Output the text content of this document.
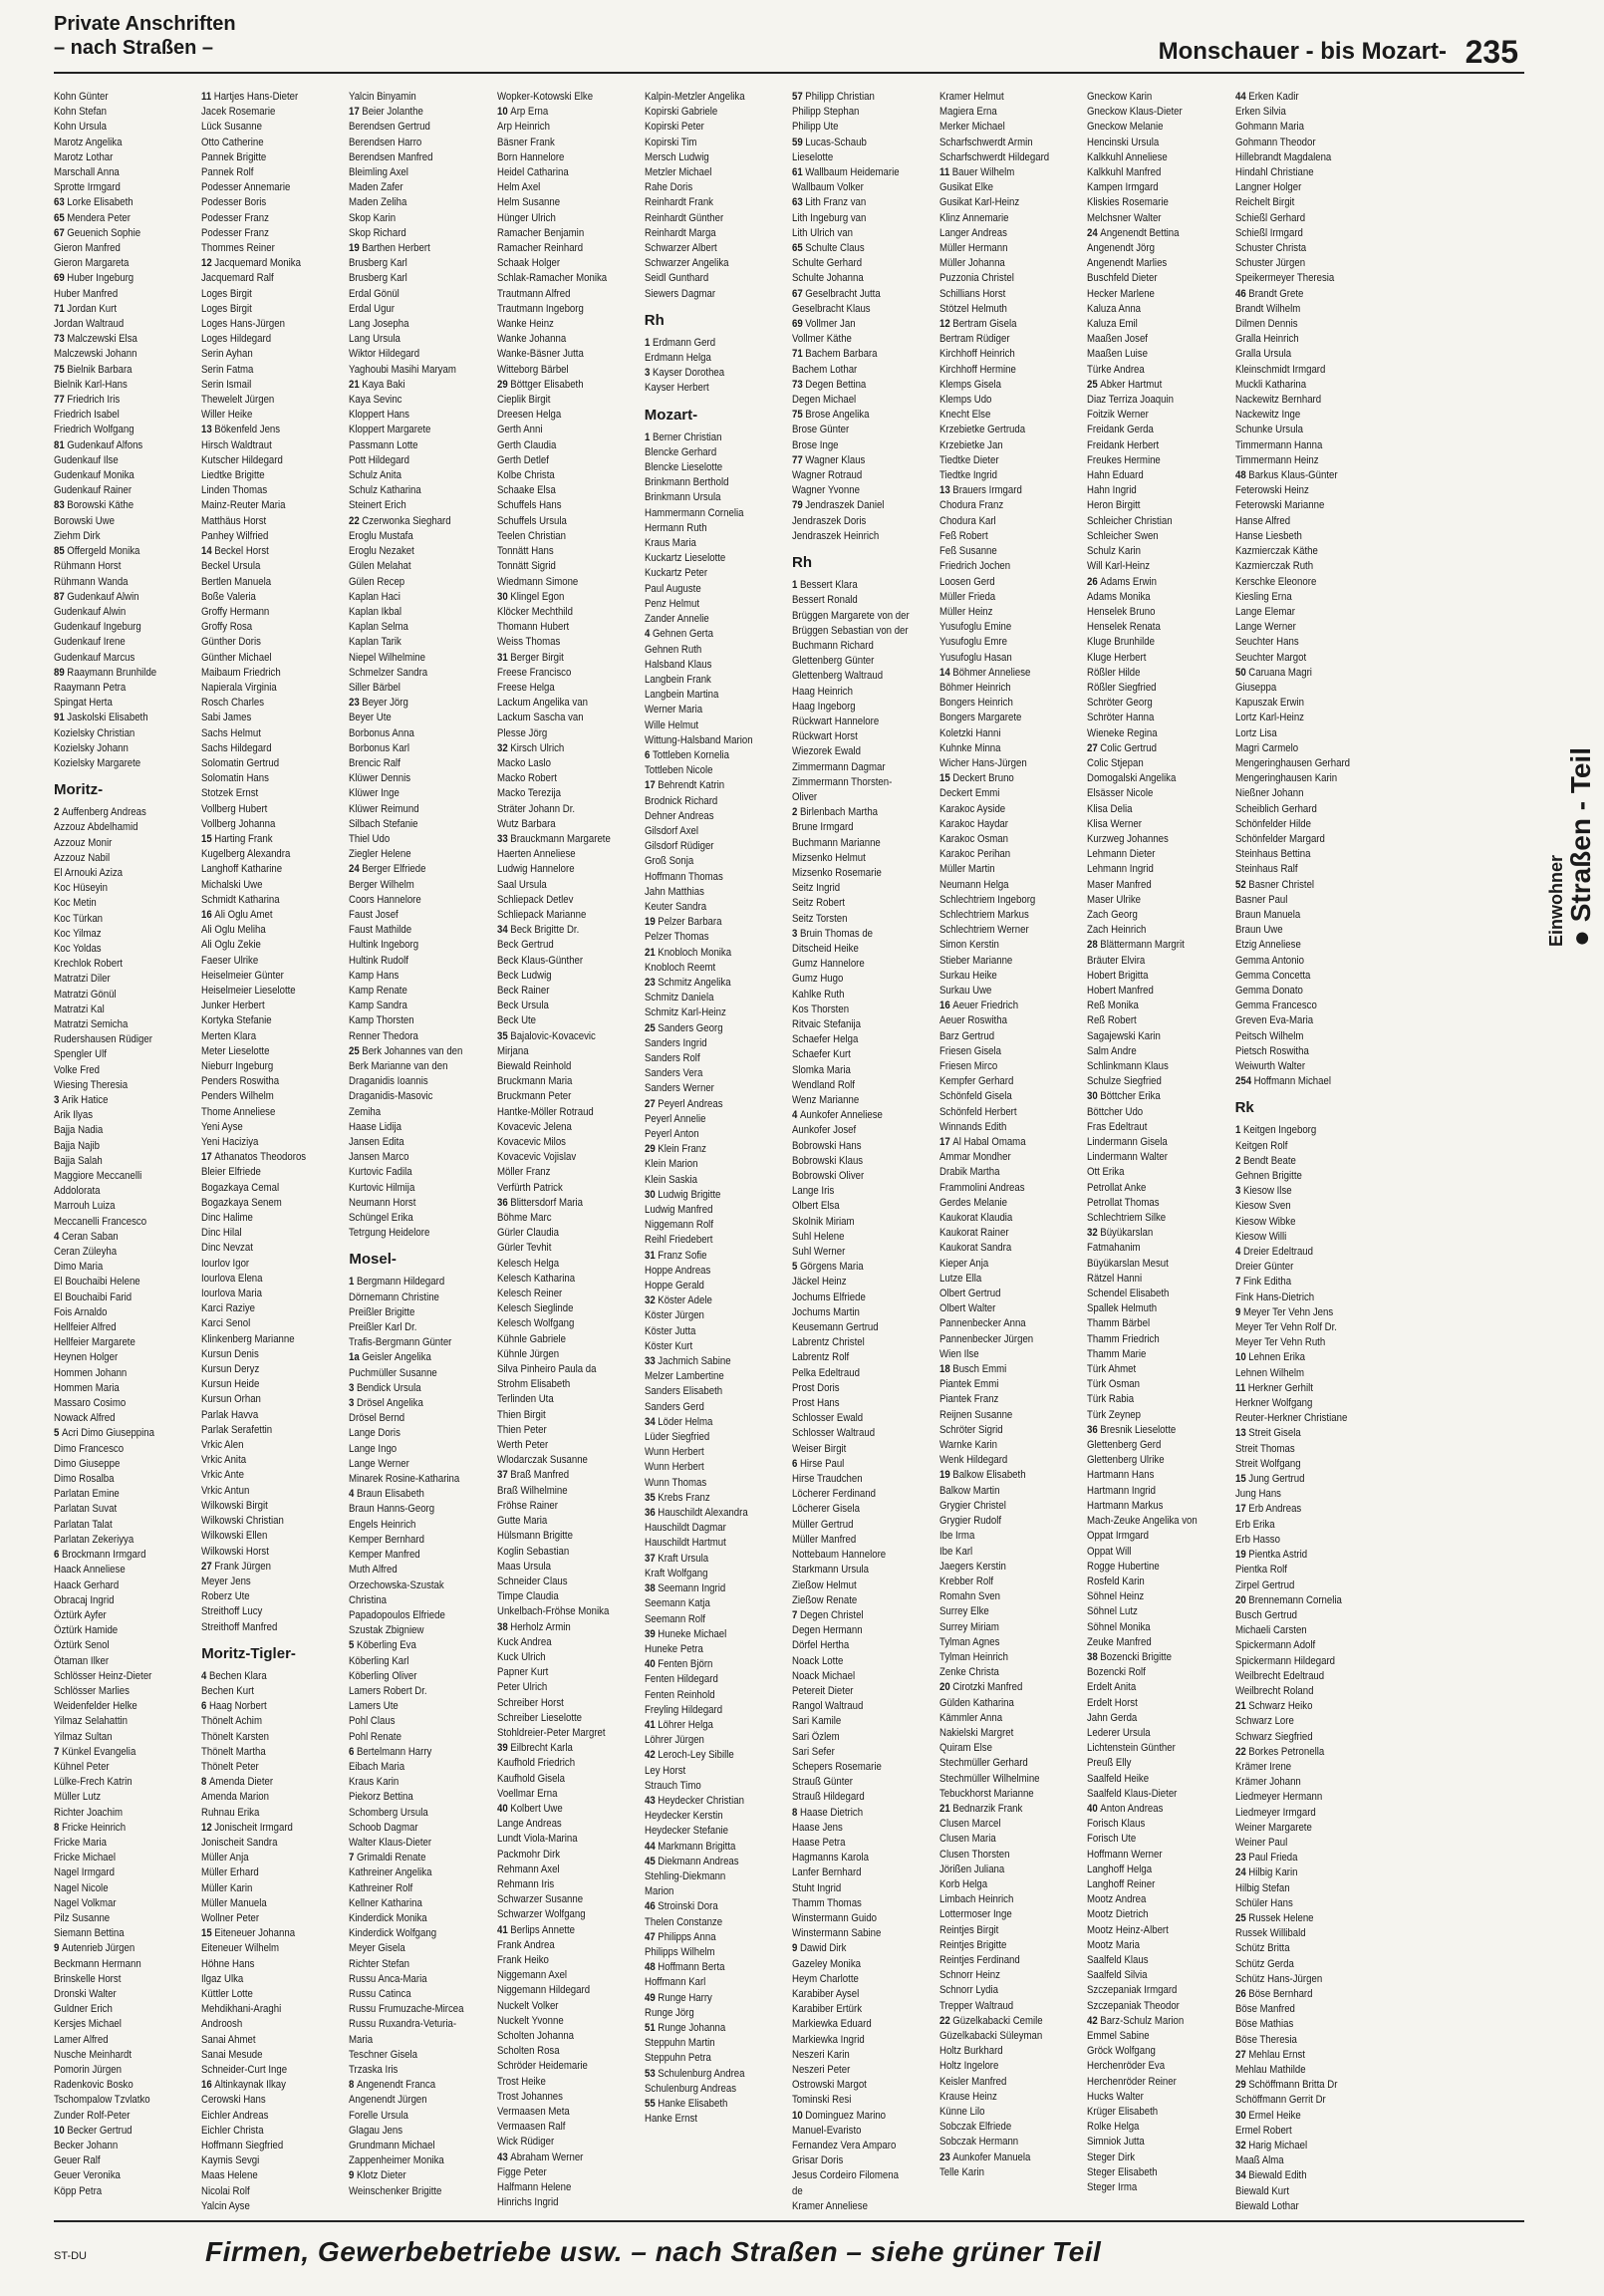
Private Anschriften
– nach Straßen –	Monschauer - bis Mozart- 235
Kohn Günter
Kohn Stefan
Kohn Ursula
Marotz Angelika
Marotz Lothar
Marschall Anna
Sprotte Irmgard
63 Lorke Elisabeth
65 Mendera Peter
67 Geuenich Sophie
Gieron Manfred
Gieron Margareta
69 Huber Ingeburg
Huber Manfred
71 Jordan Kurt
Jordan Waltraud
73 Malczewski Elsa
Malczewski Johann
75 Bielnik Barbara
Bielnik Karl-Hans
77 Friedrich Iris
Friedrich Isabel
Friedrich Wolfgang
81 Gudenkauf Alfons
Gudenkauf Ilse
Gudenkauf Monika
Gudenkauf Rainer
83 Borowski Käthe
Borowski Uwe
Ziehm Dirk
85 Offergeld Monika
Rühmann Horst
Rühmann Wanda
87 Gudenkauf Alwin
Gudenkauf Alwin
Gudenkauf Ingeburg
Gudenkauf Irene
Gudenkauf Marcus
89 Raaymann Brunhilde
Raaymann Petra
Spingat Herta
91 Jaskolski Elisabeth
Kozielsky Christian
Kozielsky Johann
Kozielsky Margarete
Moritz-
2 Auffenberg Andreas
Azzouz Abdelhamid
Azzouz Monir
Azzouz Nabil
El Arnouki Aziza
Koc Hüseyin
Koc Metin
Koc Türkan
Koc Yilmaz
Koc Yoldas
Krechlok Robert
Matratzi Diler
Matratzi Gönül
Matratzi Kal
Matratzi Semicha
Rudershausen Rüdiger
Spengler Ulf
Volke Fred
Wiesing Theresia
3 Arik Hatice
Arik Ilyas
Bajja Nadia
Bajja Najib
Bajja Salah
Maggiore Meccanelli
Addolorata
Marrouh Luiza
Meccanelli Francesco
4 Ceran Saban
Ceran Züleyha
Dimo Maria
El Bouchaibi Helene
El Bouchaibi Farid
Fois Arnaldo
Hellfeier Alfred
Hellfeier Margarete
Heynen Holger
Hommen Johann
Hommen Maria
Massaro Cosimo
Nowack Alfred
5 Acri Dimo Giuseppina
Dimo Francesco
Dimo Giuseppe
Dimo Rosalba
Parlatan Emine
Parlatan Suvat
Parlatan Talat
Parlatan Zekeriyya
6 Brockmann Irmgard
Haack Anneliese
Haack Gerhard
Obracaj Ingrid
Öztürk Ayfer
Öztürk Hamide
Öztürk Senol
Ötaman Ilker
Schlösser Heinz-Dieter
Schlösser Marlies
Weidenfelder Helke
Yilmaz Selahattin
Yilmaz Sultan
7 Künkel Evangelia
Kühnel Peter
Lülke-Frech Katrin
Müller Lutz
Richter Joachim
8 Fricke Heinrich
Fricke Maria
Fricke Michael
Nagel Irmgard
Nagel Nicole
Nagel Volkmar
Pilz Susanne
Siemann Bettina
9 Autenrieb Jürgen
Beckmann Hermann
Brinskelle Horst
Dronski Walter
Guldner Erich
Kersjes Michael
Lamer Alfred
Nusche Meinhardt
Pomorin Jürgen
Radenkovic Bosko
Tschompalow Tzvlatko
Zunder Rolf-Peter
10 Becker Gertrud
Becker Johann
Geuer Ralf
Geuer Veronika
Köpp Petra
11 Hartjes Hans-Dieter
Jacek Rosemarie
Lück Susanne
Otto Catherine
Pannek Brigitte
Pannek Rolf
Podesser Annemarie
Podesser Boris
Podesser Franz
Podesser Franz
Thommes Reiner
12 Jacquemard Monika
Jacquemard Ralf
Loges Birgit
Loges Birgit
Loges Hans-Jürgen
Loges Hildegard
Serin Ayhan
Serin Fatma
Serin Ismail
Thewelelt Jürgen
Willer Heike
13 Bökenfeld Jens
Hirsch Waldtraut
Kutscher Hildegard
Liedtke Brigitte
Linden Thomas
Mainz-Reuter Maria
Matthäus Horst
Panhey Wilfried
14 Beckel Horst
Beckel Ursula
Bertlen Manuela
Boße Valeria
Groffy Hermann
Groffy Rosa
Günther Doris
Günther Michael
Maibaum Friedrich
Napierala Virginia
Rosch Charles
Sabi James
Sachs Helmut
Sachs Hildegard
Solomatin Gertrud
Solomatin Hans
Stotzek Ernst
Vollberg Hubert
Vollberg Johanna
15 Harting Frank
Kugelberg Alexandra
Langhoff Katharine
Michalski Uwe
Schmidt Katharina
16 Ali Oglu Amet
Ali Oglu Meliha
Ali Oglu Zekie
Faeser Ulrike
Heiselmeier Günter
Heiselmeier Lieselotte
Junker Herbert
Kortyka Stefanie
Merten Klara
Meter Lieselotte
Nieburr Ingeburg
Penders Roswitha
Penders Wilhelm
Thome Anneliese
Yeni Ayse
Yeni Haciziya
17 Athanatos Theodoros
Bleier Elfriede
Bogazkaya Cemal
Bogazkaya Senem
Dinc Halime
Dinc Hilal
Dinc Nevzat
Iourlov Igor
Iourlova Elena
Iourlova Maria
Karci Raziye
Karci Senol
Klinkenberg Marianne
Kursun Denis
Kursun Deryz
Kursun Heide
Kursun Orhan
Parlak Havva
Parlak Serafettin
Vrkic Alen
Vrkic Anita
Vrkic Ante
Vrkic Antun
Wilkowski Birgit
Wilkowski Christian
Wilkowski Ellen
Wilkowski Horst
27 Frank Jürgen
Meyer Jens
Roberz Ute
Streithoff Lucy
Streithoff Manfred
Moritz-Tigler-
4 Bechen Klara
Bechen Kurt
6 Haag Norbert
Thönelt Achim
Thönelt Karsten
Thönelt Martha
Thönelt Peter
8 Amenda Dieter
Amenda Marion
Ruhnau Erika
12 Jonischeit Irmgard
Jonischeit Sandra
Müller Anja
Müller Erhard
Müller Karin
Müller Manuela
Wollner Peter
15 Eiteneuer Johanna
Eiteneuer Wilhelm
Höhne Hans
Ilgaz Ulka
Küttler Lotte
Mehdikhani-Araghi
Androosh
Sanai Ahmet
Sanai Mesude
Schneider-Curt Inge
16 Altinkaynak Ilkay
Cerowski Hans
Eichler Andreas
Eichler Christa
Hoffmann Siegfried
Kaymis Sevgi
Maas Helene
Nicolai Rolf
Yalcin Ayse
Yalcin Binyamin
17 Beier Jolanthe
Berendsen Gertrud
Berendsen Harro
Berendsen Manfred
Bleimling Axel
Maden Zafer
Maden Zeliha
Skop Karin
Skop Richard
19 Barthen Herbert
Brusberg Karl
Brusberg Karl
Erdal Gönül
Erdal Ugur
Lang Josepha
Lang Ursula
Wiktor Hildegard
Yaghoubi Masihi Maryam
21 Kaya Baki
Kaya Sevinc
Kloppert Hans
Kloppert Margarete
Passmann Lotte
Pott Hildegard
Schulz Anita
Schulz Katharina
Steinert Erich
22 Czerwonka Sieghard
Eroglu Mustafa
Eroglu Nezaket
Gülen Melahat
Gülen Recep
Kaplan Haci
Kaplan Ikbal
Kaplan Selma
Kaplan Tarik
Niepel Wilhelmine
Schmelzer Sandra
Siller Bärbel
23 Beyer Jörg
Beyer Ute
Borbonus Anna
Borbonus Karl
Brencic Ralf
Klüwer Dennis
Klüwer Inge
Klüwer Reimund
Silbach Stefanie
Thiel Udo
Ziegler Helene
24 Berger Elfriede
Berger Wilhelm
Coors Hannelore
Faust Josef
Faust Mathilde
Hultink Ingeborg
Hultink Rudolf
Kamp Hans
Kamp Renate
Kamp Sandra
Kamp Thorsten
Renner Thedora
25 Berk Johannes van den
Berk Marianne van den
Draganidis Ioannis
Draganidis-Masovic
Zemiha
Haase Lidija
Jansen Edita
Jansen Marco
Kurtovic Fadila
Kurtovic Hilmija
Neumann Horst
Schüngel Erika
Tetrgung Heidelore
Mosel-
1 Bergmann Hildegard
Dörnemann Christine
Preißler Brigitte
Preißler Karl Dr.
Trafis-Bergmann Günter
1a Geisler Angelika
Puchmüller Susanne
3 Bendick Ursula
3 Drösel Angelika
Drösel Bernd
Lange Doris
Lange Ingo
Lange Werner
Minarek Rosine-Katharina
4 Braun Elisabeth
Braun Hanns-Georg
Engels Heinrich
Kemper Bernhard
Kemper Manfred
Muth Alfred
Orzechowska-Szustak
Christina
Papadopoulos Elfriede
Szustak Zbigniew
5 Köberling Eva
Köberling Karl
Köberling Oliver
Lamers Robert Dr.
Lamers Ute
Pohl Claus
Pohl Renate
6 Bertelmann Harry
Eibach Maria
Kraus Karin
Piekorz Bettina
Schomberg Ursula
Schoob Dagmar
Walter Klaus-Dieter
7 Grimaldi Renate
Kathreiner Angelika
Kathreiner Rolf
Kellner Katharina
Kinderdick Monika
Kinderdick Wolfgang
Meyer Gisela
Richter Stefan
Russu Anca-Maria
Russu Catinca
Russu Frumuzache-Mircea
Russu Ruxandra-Veturia-
Maria
Teschner Gisela
Trzaska Iris
8 Angenendt Franca
Angenendt Jürgen
Forelle Ursula
Glagau Jens
Grundmann Michael
Zappenheimer Monika
9 Klotz Dieter
Weinschenker Brigitte
Wopker-Kotowski Elke
10 Arp Erna
Arp Heinrich
Bäsner Frank
Born Hannelore
Heidel Catharina
Helm Axel
Helm Susanne
Hünger Ulrich
Ramacher Benjamin
Ramacher Reinhard
Schaak Holger
Schlak-Ramacher Monika
Trautmann Alfred
Trautmann Ingeborg
Wanke Heinz
Wanke Johanna
Wanke-Bäsner Jutta
Witteborg Bärbel
29 Böttger Elisabeth
Cieplik Birgit
Dreesen Helga
Gerth Anni
Gerth Claudia
Gerth Detlef
Kolbe Christa
Schaake Elsa
Schuffels Hans
Schuffels Ursula
Teelen Christian
Tonnätt Hans
Tonnätt Sigrid
Wiedmann Simone
30 Klingel Egon
Klöcker Mechthild
Thomann Hubert
Weiss Thomas
31 Berger Birgit
Freese Francisco
Freese Helga
Lackum Angelika van
Lackum Sascha van
Plesse Jörg
32 Kirsch Ulrich
Macko Laslo
Macko Robert
Macko Terezija
Sträter Johann Dr.
Wutz Barbara
33 Brauckmann Margarete
Haerten Anneliese
Ludwig Hannelore
Saal Ursula
Schliepack Detlev
Schliepack Marianne
34 Beck Brigitte Dr.
Beck Gertrud
Beck Klaus-Günther
Beck Ludwig
Beck Rainer
Beck Ursula
Beck Ute
35 Bajalovic-Kovacevic
Mirjana
Biewald Reinhold
Bruckmann Maria
Bruckmann Peter
Hantke-Möller Rotraud
Kovacevic Jelena
Kovacevic Milos
Kovacevic Vojislav
Möller Franz
Verfürth Patrick
36 Blittersdorf Maria
Böhme Marc
Gürler Claudia
Gürler Tevhit
Kelesch Helga
Kelesch Katharina
Kelesch Reiner
Kelesch Sieglinde
Kelesch Wolfgang
Kühnle Gabriele
Kühnle Jürgen
Silva Pinheiro Paula da
Strohm Elisabeth
Terlinden Uta
Thien Birgit
Thien Peter
Werth Peter
Wlodarczak Susanne
37 Braß Manfred
Braß Wilhelmine
Fröhse Rainer
Gutte Maria
Hülsmann Brigitte
Koglin Sebastian
Maas Ursula
Schneider Claus
Timpe Claudia
Unkelbach-Fröhse Monika
38 Herholz Armin
Kuck Andrea
Kuck Ulrich
Papner Kurt
Peter Ulrich
Schreiber Horst
Schreiber Lieselotte
Stohldreier-Peter Margret
39 Eilbrecht Karla
Kaufhold Friedrich
Kaufhold Gisela
Voellmar Erna
40 Kolbert Uwe
Lange Andreas
Lundt Viola-Marina
Packmohr Dirk
Rehmann Axel
Rehmann Iris
Schwarzer Susanne
Schwarzer Wolfgang
41 Berlips Annette
Frank Andrea
Frank Heiko
Niggemann Axel
Niggemann Hildegard
Nuckelt Volker
Nuckelt Yvonne
Scholten Johanna
Scholten Rosa
Schröder Heidemarie
Trost Heike
Trost Johannes
Vermaasen Meta
Vermaasen Ralf
Wick Rüdiger
43 Abraham Werner
Figge Peter
Halfmann Helene
Hinrichs Ingrid
Kalpin-Metzler Angelika
Kopirski Gabriele
Kopirski Peter
Kopirski Tim
Mersch Ludwig
Metzler Michael
Rahe Doris
Reinhardt Frank
Reinhardt Günther
Reinhardt Marga
Schwarzer Albert
Schwarzer Angelika
Seidl Gunthard
Siewers Dagmar
Rh
1 Erdmann Gerd
Erdmann Helga
3 Kayser Dorothea
Kayser Herbert
Mozart-
1 Berner Christian
Blencke Gerhard
Blencke Lieselotte
Brinkmann Berthold
Brinkmann Ursula
Hammermann Cornelia
Hermann Ruth
Kraus Maria
Kuckartz Lieselotte
Kuckartz Peter
Paul Auguste
Penz Helmut
Zander Annelie
4 Gehnen Gerta
Gehnen Ruth
Halsband Klaus
Langbein Frank
Langbein Martina
Werner Maria
Wille Helmut
Wittung-Halsband Marion
6 Tottleben Kornelia
Tottleben Nicole
17 Behrendt Katrin
Brodnick Richard
Dehner Andreas
Gilsdorf Axel
Gilsdorf Rüdiger
Groß Sonja
Hoffmann Thomas
Jahn Matthias
Keuter Sandra
19 Pelzer Barbara
Pelzer Thomas
21 Knobloch Monika
Knobloch Reemt
23 Schmitz Angelika
Schmitz Daniela
Schmitz Karl-Heinz
25 Sanders Georg
Sanders Ingrid
Sanders Rolf
Sanders Vera
Sanders Werner
27 Peyerl Andreas
Peyerl Annelie
Peyerl Anton
29 Klein Franz
Klein Marion
Klein Saskia
30 Ludwig Brigitte
Ludwig Manfred
Niggemann Rolf
Reihl Friedebert
31 Franz Sofie
Hoppe Andreas
Hoppe Gerald
32 Köster Adele
Köster Jürgen
Köster Jutta
Köster Kurt
33 Jachmich Sabine
Melzer Lambertine
Sanders Elisabeth
Sanders Gerd
34 Löder Helma
Lüder Siegfried
Wunn Herbert
Wunn Herbert
Wunn Thomas
35 Krebs Franz
36 Hauschildt Alexandra
Hauschildt Dagmar
Hauschildt Hartmut
37 Kraft Ursula
Kraft Wolfgang
38 Seemann Ingrid
Seemann Katja
Seemann Rolf
39 Huneke Michael
Huneke Petra
40 Fenten Björn
Fenten Hildegard
Fenten Reinhold
Freyling Hildegard
41 Löhrer Helga
Löhrer Jürgen
42 Leroch-Ley Sibille
Ley Horst
Strauch Timo
43 Heydecker Christian
Heydecker Kerstin
Heydecker Stefanie
44 Markmann Brigitta
45 Diekmann Andreas
Stehling-Diekmann
Marion
46 Stroinski Dora
Thelen Constanze
47 Philipps Anna
Philipps Wilhelm
48 Hoffmann Berta
Hoffmann Karl
49 Runge Harry
Runge Jörg
51 Runge Johanna
Steppuhn Martin
Steppuhn Petra
53 Schulenburg Andrea
Schulenburg Andreas
55 Hanke Elisabeth
Hanke Ernst
57 Philipp Christian
Philipp Stephan
Philipp Ute
59 Lucas-Schaub
Lieselotte
61 Wallbaum Heidemarie
Wallbaum Volker
63 Lith Franz van
Lith Ingeburg van
Lith Ulrich van
65 Schulte Claus
Schulte Gerhard
Schulte Johanna
67 Geselbracht Jutta
Geselbracht Klaus
69 Vollmer Jan
Vollmer Käthe
71 Bachem Barbara
Bachem Lothar
73 Degen Bettina
Degen Michael
75 Brose Angelika
Brose Günter
Brose Inge
77 Wagner Klaus
Wagner Rotraud
Wagner Yvonne
79 Jendraszek Daniel
Jendraszek Doris
Jendraszek Heinrich
Rh
1 Bessert Klara
Bessert Ronald
Brüggen Margarete von der
Brüggen Sebastian von der
Buchmann Richard
Glettenberg Günter
Glettenberg Waltraud
Haag Heinrich
Haag Ingeborg
Rückwart Hannelore
Rückwart Horst
Wiezorek Ewald
Zimmermann Dagmar
Zimmermann Thorsten-
Oliver
2 Birlenbach Martha
Brune Irmgard
Buchmann Marianne
Mizsenko Helmut
Mizsenko Rosemarie
Seitz Ingrid
Seitz Robert
Seitz Torsten
3 Bruin Thomas de
Ditscheid Heike
Gumz Hannelore
Gumz Hugo
Kahlke Ruth
Kos Thorsten
Ritvaic Stefanija
Schaefer Helga
Schaefer Kurt
Slomka Maria
Wendland Rolf
Wenz Marianne
4 Aunkofer Anneliese
Aunkofer Josef
Bobrowski Hans
Bobrowski Klaus
Bobrowski Oliver
Lange Iris
Olbert Elsa
Skolnik Miriam
Suhl Helene
Suhl Werner
5 Görgens Maria
Jäckel Heinz
Jochums Elfriede
Jochums Martin
Keusemann Gertrud
Labrentz Christel
Labrentz Rolf
Pelka Edeltraud
Prost Doris
Prost Hans
Schlosser Ewald
Schlosser Waltraud
Weiser Birgit
6 Hirse Paul
Hirse Traudchen
Löcherer Ferdinand
Löcherer Gisela
Müller Gertrud
Müller Manfred
Nottebaum Hannelore
Starkmann Ursula
Zießow Helmut
Zießow Renate
7 Degen Christel
Degen Hermann
Dörfel Hertha
Noack Lotte
Noack Michael
Petereit Dieter
Rangol Waltraud
Sari Kamile
Sari Özlem
Sari Sefer
Schepers Rosemarie
Strauß Günter
Strauß Hildegard
8 Haase Dietrich
Haase Jens
Haase Petra
Hagmanns Karola
Lanfer Bernhard
Stuht Ingrid
Thamm Thomas
Winstermann Guido
Winstermann Sabine
9 Dawid Dirk
Gazeley Monika
Heym Charlotte
Karabiber Aysel
Karabiber Ertürk
Markiewka Eduard
Markiewka Ingrid
Neszeri Karin
Neszeri Peter
Ostrowski Margot
Tominski Resi
10 Dominguez Marino
Manuel-Evaristo
Fernandez Vera Amparo
Grisar Doris
Jesus Cordeiro Filomena
de
Kramer Anneliese
Kramer Helmut
Magiera Erna
Merker Michael
Scharfschwerdt Armin
Scharfschwerdt Hildegard
11 Bauer Wilhelm
Gusikat Elke
Gusikat Karl-Heinz
Klinz Annemarie
Langer Andreas
Müller Hermann
Müller Johanna
Puzzonia Christel
Schillians Horst
Stötzel Helmuth
12 Bertram Gisela
Bertram Rüdiger
Kirchhoff Heinrich
Kirchhoff Hermine
Klemps Gisela
Klemps Udo
Knecht Else
Krzebietke Gertruda
Krzebietke Jan
Tiedtke Dieter
Tiedtke Ingrid
13 Brauers Irmgard
Chodura Franz
Chodura Karl
Feß Robert
Feß Susanne
Friedrich Jochen
Loosen Gerd
Müller Frieda
Müller Heinz
Yusufoglu Emine
Yusufoglu Emre
Yusufoglu Hasan
14 Böhmer Anneliese
Böhmer Heinrich
Bongers Heinrich
Bongers Margarete
Koletzki Hanni
Kuhnke Minna
Wicher Hans-Jürgen
15 Deckert Bruno
Deckert Emmi
Karakoc Ayside
Karakoc Haydar
Karakoc Osman
Karakoc Perihan
Müller Martin
Neumann Helga
Schlechtriem Ingeborg
Schlechtriem Markus
Schlechtriem Werner
Simon Kerstin
Stieber Marianne
Surkau Heike
Surkau Uwe
16 Aeuer Friedrich
Aeuer Roswitha
Barz Gertrud
Friesen Gisela
Friesen Mirco
Kempfer Gerhard
Schönfeld Gisela
Schönfeld Herbert
Winnands Edith
17 Al Habal Omama
Ammar Mondher
Drabik Martha
Frammolini Andreas
Gerdes Melanie
Kaukorat Klaudia
Kaukorat Rainer
Kaukorat Sandra
Kieper Anja
Lutze Ella
Olbert Gertrud
Olbert Walter
Pannenbecker Anna
Pannenbecker Jürgen
Wien Ilse
18 Busch Emmi
Piantek Emmi
Piantek Franz
Reijnen Susanne
Schröter Sigrid
Warnke Karin
Wenk Hildegard
19 Balkow Elisabeth
Balkow Martin
Grygier Christel
Grygier Rudolf
Ibe Irma
Ibe Karl
Jaegers Kerstin
Krebber Rolf
Romahn Sven
Surrey Elke
Surrey Miriam
Tylman Agnes
Tylman Heinrich
Zenke Christa
20 Cirotzki Manfred
Gülden Katharina
Kämmler Anna
Nakielski Margret
Quiram Else
Stechmüller Gerhard
Stechmüller Wilhelmine
Tebuckhorst Marianne
21 Bednarzik Frank
Clusen Marcel
Clusen Maria
Clusen Thorsten
Jörißen Juliana
Korb Helga
Limbach Heinrich
Lottermoser Inge
Reintjes Birgit
Reintjes Brigitte
Reintjes Ferdinand
Schnorr Heinz
Schnorr Lydia
Trepper Waltraud
22 Güzelkabacki Cemile
Güzelkabacki Süleyman
Holtz Burkhard
Holtz Ingelore
Keisler Manfred
Krause Heinz
Künne Lilo
Sobczak Elfriede
Sobczak Hermann
23 Aunkofer Manuela
Telle Karin
Gneckow Karin
Gneckow Klaus-Dieter
Gneckow Melanie
Hencinski Ursula
Kalkkuhl Anneliese
Kalkkuhl Manfred
Kampen Irmgard
Kliskies Rosemarie
Melchsner Walter
24 Angenendt Bettina
Angenendt Jörg
Angenendt Marlies
Buschfeld Dieter
Hecker Marlene
Kaluza Anna
Kaluza Emil
Maaßen Josef
Maaßen Luise
Türke Andrea
25 Abker Hartmut
Diaz Terriza Joaquin
Foitzik Werner
Freidank Gerda
Freidank Herbert
Freukes Hermine
Hahn Eduard
Hahn Ingrid
Heron Birgitt
Schleicher Christian
Schleicher Swen
Schulz Karin
Will Karl-Heinz
26 Adams Erwin
Adams Monika
Henselek Bruno
Henselek Renata
Kluge Brunhilde
Kluge Herbert
Rößler Hilde
Rößler Siegfried
Schröter Georg
Schröter Hanna
Wieneke Regina
27 Colic Gertrud
Colic Stjepan
Domogalski Angelika
Elsässer Nicole
Klisa Delia
Klisa Werner
Kurzweg Johannes
Lehmann Dieter
Lehmann Ingrid
Maser Manfred
Maser Ulrike
Zach Georg
Zach Heinrich
28 Blättermann Margrit
Bräuter Elvira
Hobert Brigitta
Hobert Manfred
Reß Monika
Reß Robert
Sagajewski Karin
Salm Andre
Schlinkmann Klaus
Schulze Siegfried
30 Böttcher Erika
Böttcher Udo
Fras Edeltraut
Lindermann Gisela
Lindermann Walter
Ott Erika
Petrollat Anke
Petrollat Thomas
Schlechtriem Silke
32 Büyükarslan
Fatmahanim
Büyükarslan Mesut
Rätzel Hanni
Schendel Elisabeth
Spallek Helmuth
Thamm Bärbel
Thamm Friedrich
Thamm Marie
Türk Ahmet
Türk Osman
Türk Rabia
Türk Zeynep
36 Bresnik Lieselotte
Glettenberg Gerd
Glettenberg Ulrike
Hartmann Hans
Hartmann Ingrid
Hartmann Markus
Mach-Zeuke Angelika von
Oppat Irmgard
Oppat Will
Rogge Hubertine
Rosfeld Karin
Söhnel Heinz
Söhnel Lutz
Söhnel Monika
Zeuke Manfred
38 Bozencki Brigitte
Bozencki Rolf
Erdelt Anita
Erdelt Horst
Jahn Gerda
Lederer Ursula
Lichtenstein Günther
Preuß Elly
Saalfeld Heike
Saalfeld Klaus-Dieter
40 Anton Andreas
Forisch Klaus
Forisch Ute
Hoffmann Werner
Langhoff Helga
Langhoff Reiner
Mootz Andrea
Mootz Dietrich
Mootz Heinz-Albert
Mootz Maria
Saalfeld Klaus
Saalfeld Silvia
Szczepaniak Irmgard
Szczepaniak Theodor
42 Barz-Schulz Marion
Emmel Sabine
Gröck Wolfgang
Herchenröder Eva
Herchenröder Reiner
Hucks Walter
Krüger Elisabeth
Rolke Helga
Simniok Jutta
Steger Dirk
Steger Elisabeth
Steger Irma
44 Erken Kadir
Erken Silvia
Gohmann Maria
Gohmann Theodor
Hillebrandt Magdalena
Hindahl Christiane
Langner Holger
Reichelt Birgit
Schießl Gerhard
Schießl Irmgard
Schuster Christa
Schuster Jürgen
Speikermeyer Theresia
46 Brandt Grete
Brandt Wilhelm
Dilmen Dennis
Gralla Heinrich
Gralla Ursula
Kleinschmidt Irmgard
Muckli Katharina
Nackewitz Bernhard
Nackewitz Inge
Schunke Ursula
Timmermann Hanna
Timmermann Heinz
48 Barkus Klaus-Günter
Feterowski Heinz
Feterowski Marianne
Hanse Alfred
Hanse Liesbeth
Kazmierczak Käthe
Kazmierczak Ruth
Kerschke Eleonore
Kiesling Erna
Lange Elemar
Lange Werner
Seuchter Hans
Seuchter Margot
50 Caruana Magri
Giuseppa
Kapuszak Erwin
Lortz Karl-Heinz
Lortz Lisa
Magri Carmelo
Mengeringhausen Gerhard
Mengeringhausen Karin
Nießner Johann
Scheiblich Gerhard
Schönfelder Hilde
Schönfelder Margard
Steinhaus Bettina
Steinhaus Ralf
52 Basner Christel
Basner Paul
Braun Manuela
Braun Uwe
Etzig Anneliese
Gemma Antonio
Gemma Concetta
Gemma Donato
Gemma Francesco
Greven Eva-Maria
Peitsch Wilhelm
Pietsch Roswitha
Weiwurth Walter
254 Hoffmann Michael
Rk
1 Keitgen Ingeborg
Keitgen Rolf
2 Bendt Beate
Gehnen Brigitte
3 Kiesow Ilse
Kiesow Sven
Kiesow Wibke
Kiesow Willi
4 Dreier Edeltraud
Dreier Günter
7 Fink Editha
Fink Hans-Dietrich
9 Meyer Ter Vehn Jens
Meyer Ter Vehn Rolf Dr.
Meyer Ter Vehn Ruth
10 Lehnen Erika
Lehnen Wilhelm
11 Herkner Gerhilt
Herkner Wolfgang
Reuter-Herkner Christiane
13 Streit Gisela
Streit Thomas
Streit Wolfgang
15 Jung Gertrud
Jung Hans
17 Erb Andreas
Erb Erika
Erb Hasso
19 Pientka Astrid
Pientka Rolf
Zirpel Gertrud
20 Brennemann Cornelia
Busch Gertrud
Michaeli Carsten
Spickermann Adolf
Spickermann Hildegard
Weilbrecht Edeltraud
Weilbrecht Roland
21 Schwarz Heiko
Schwarz Lore
Schwarz Siegfried
22 Borkes Petronella
Krämer Irene
Krämer Johann
Liedmeyer Hermann
Liedmeyer Irmgard
Weiner Margarete
Weiner Paul
23 Paul Frieda
24 Hilbig Karin
Hilbig Stefan
Schüler Hans
25 Russek Helene
Russek Willibald
Schütz Britta
Schütz Gerda
Schütz Hans-Jürgen
26 Böse Bernhard
Böse Manfred
Böse Mathias
Böse Theresia
27 Mehlau Ernst
Mehlau Mathilde
29 Schöffmann Britta Dr
Schöffmann Gerrit Dr
30 Ermel Heike
Ermel Robert
32 Harig Michael
Maaß Alma
34 Biewald Edith
Biewald Kurt
Biewald Lothar
Einwohner ● Straßen - Teil
ST-DU	Firmen, Gewerbebetriebe usw. – nach Straßen – siehe grüner Teil
